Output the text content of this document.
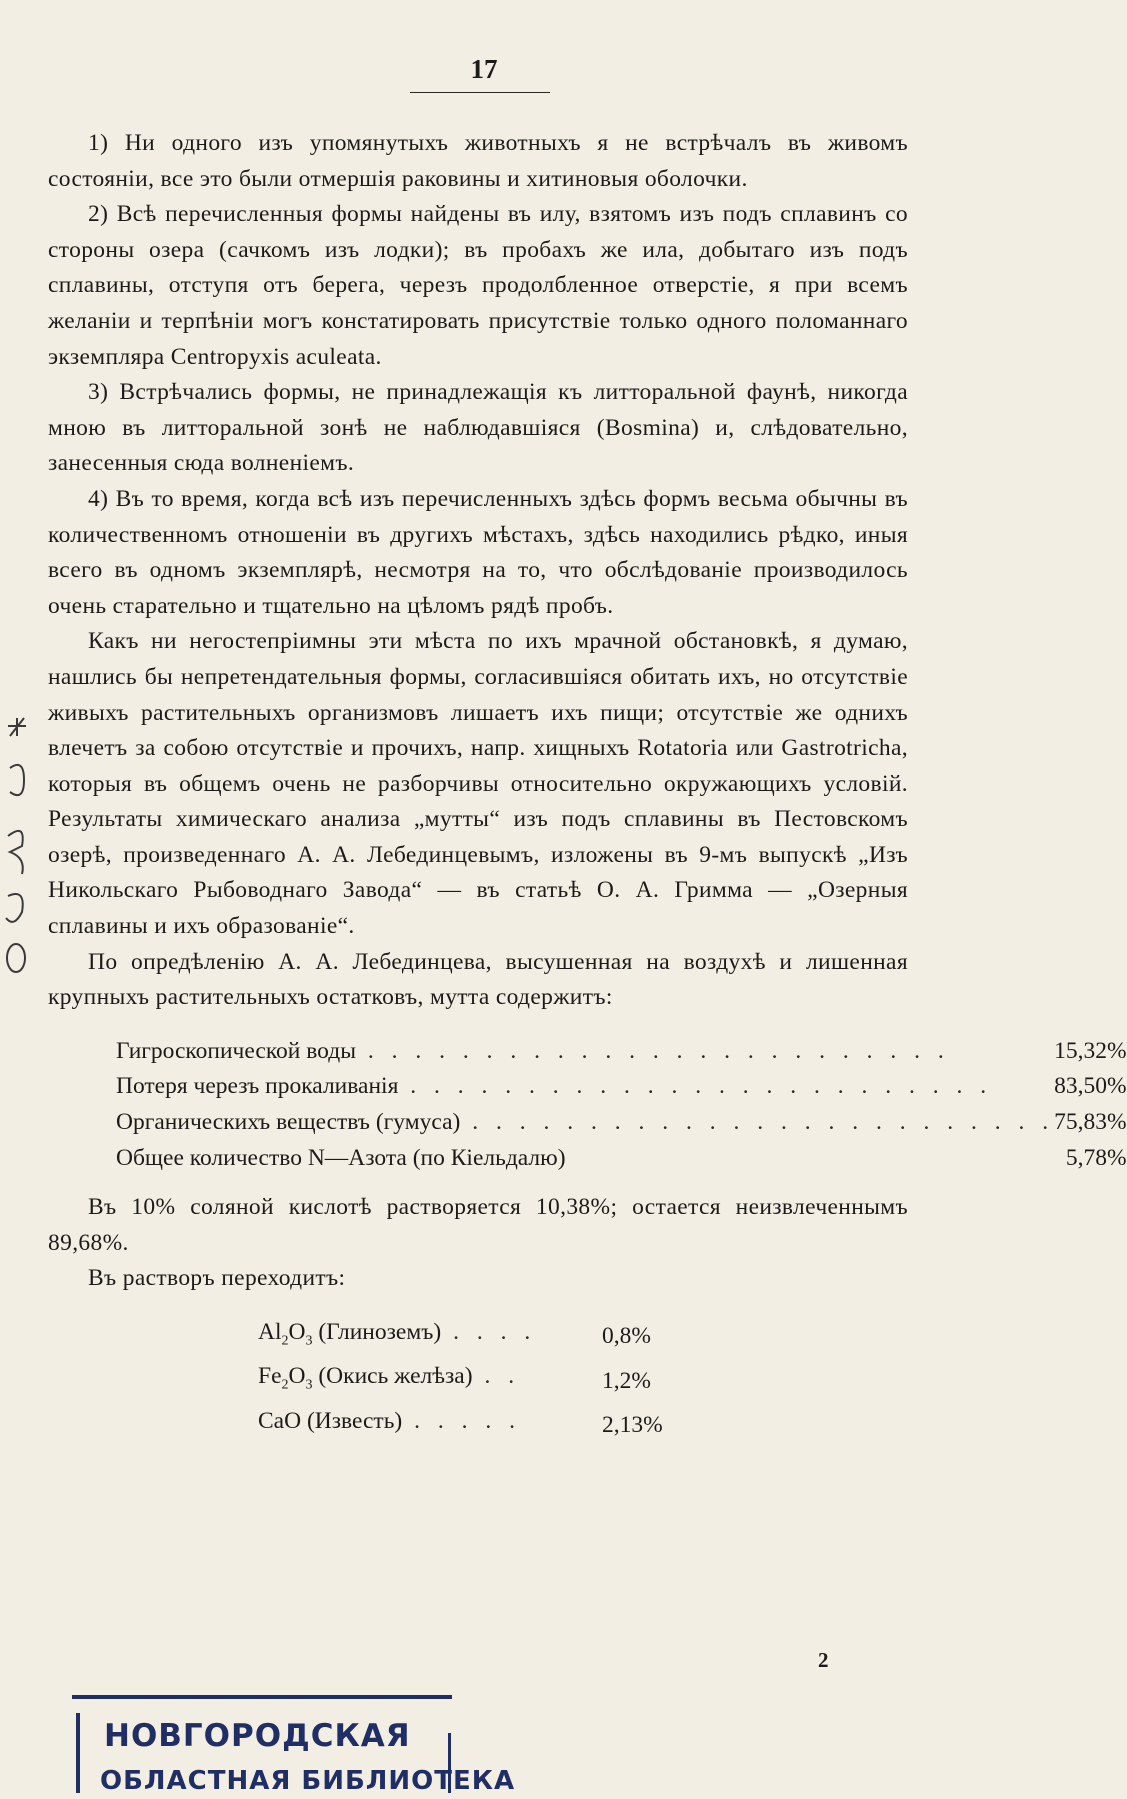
17

1) Ни одного изъ упомянутыхъ животныхъ я не встрѣчалъ въ живомъ состоянiи, все это были отмершiя раковины и хитиновыя оболочки.

2) Всѣ перечисленныя формы найдены въ илу, взятомъ изъ подъ сплавинъ со стороны озера (сачкомъ изъ лодки); въ пробахъ же ила, добытаго изъ подъ сплавины, отступя отъ берега, черезъ продолбленное отверстiе, я при всемъ желанiи и терпѣнiи могъ констатировать присутствiе только одного поломаннаго экземпляра Centropyxis aculeata.

3) Встрѣчались формы, не принадлежащiя къ литторальной фаунѣ, никогда мною въ литторальной зонѣ не наблюдавшiяся (Bosmina) и, слѣдовательно, занесенныя сюда волненiемъ.

4) Въ то время, когда всѣ изъ перечисленныхъ здѣсь формъ весьма обычны въ количественномъ отношенiи въ другихъ мѣстахъ, здѣсь находились рѣдко, иныя всего въ одномъ экземплярѣ, несмотря на то, что обслѣдованiе производилось очень старательно и тщательно на цѣломъ рядѣ пробъ.

Какъ ни негостепрiимны эти мѣста по ихъ мрачной обстановкѣ, я думаю, нашлись бы непретендательныя формы, согласившiяся обитать ихъ, но отсутствiе живыхъ растительныхъ организмовъ лишаетъ ихъ пищи; отсутствiе же однихъ влечетъ за собою отсутствiе и прочихъ, напр. хищныхъ Rotatoria или Gastrotricha, которыя въ общемъ очень не разборчивы относительно окружающихъ условiй. Результаты химическаго анализа „мутты“ изъ подъ сплавины въ Пестовскомъ озерѣ, произведеннаго А. А. Лебединцевымъ, изложены въ 9-мъ выпускѣ „Изъ Никольскаго Рыбоводнаго Завода“ — въ статьѣ О. А. Гримма — „Озерныя сплавины и ихъ образованiе“.

По опредѣленiю А. А. Лебединцева, высушенная на воздухѣ и лишенная крупныхъ растительныхъ остатковъ, мутта содержитъ:

Гигроскопической воды . . . . . . . . . . . . . . . . . . . . . . . . .	15,32%
Потеря черезъ прокаливанiя . . . . . . . . . . . . . . . . . . . . . . . . .	83,50%
Органическихъ веществъ (гумуса) . . . . . . . . . . . . . . . . . . . . . . . . .	75,83%
Общее количество N—Азота (по Кiельдалю)	5,78%

Въ 10% соляной кислотѣ растворяется 10,38%; остается неизвлеченнымъ 89,68%.

Въ растворъ переходитъ:

$Al_2O_3$ (Глиноземъ) . . . .	0,8%
$Fe_2O_3$ (Окись желѣза) . .	1,2%
CaO (Известь) . . . . .	2,13%
2
НОВГОРОДСКАЯ
ОБЛАСТНАЯ БИБЛИОТЕКА
